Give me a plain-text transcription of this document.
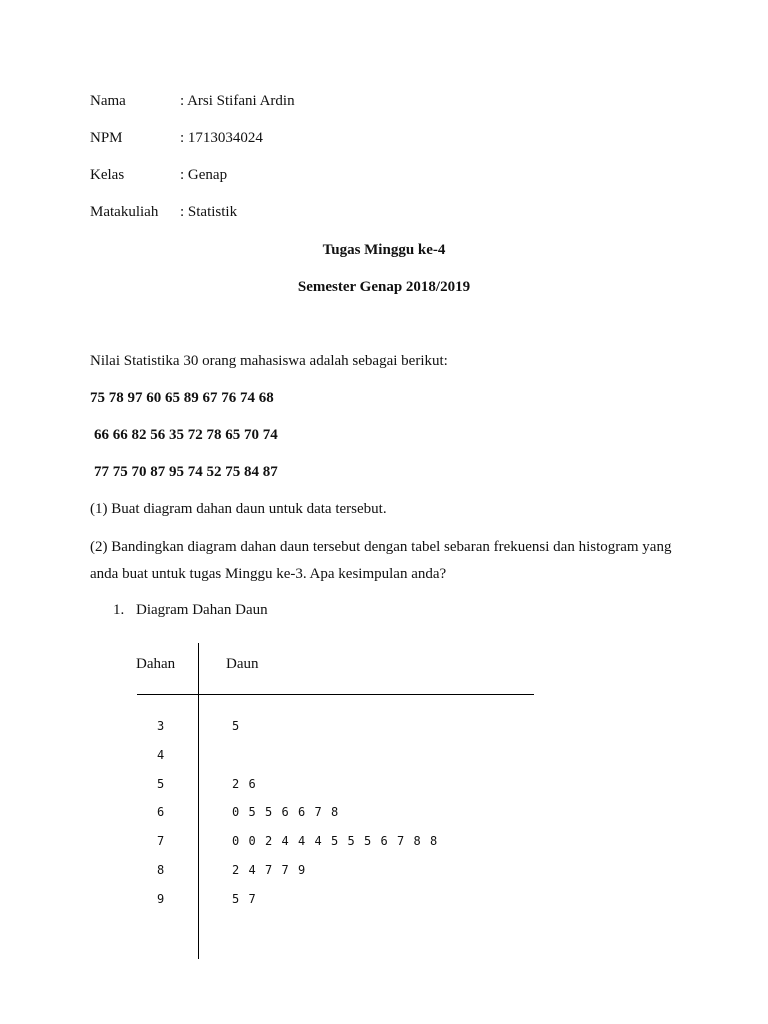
Nama	: Arsi Stifani Ardin
NPM	: 1713034024
Kelas	: Genap
Matakuliah : Statistik
Tugas Minggu ke-4
Semester Genap 2018/2019
Nilai Statistika 30 orang mahasiswa adalah sebagai berikut:
75 78 97 60 65 89 67 76 74 68
66 66 82 56 35 72 78 65 70 74
77 75 70 87 95 74 52 75 84 87
(1) Buat diagram dahan daun untuk data tersebut.
(2) Bandingkan diagram dahan daun tersebut dengan tabel sebaran frekuensi dan histogram yang
anda buat untuk tugas Minggu ke-3. Apa kesimpulan anda?
1. Diagram Dahan Daun
Dahan	Daun
3	5
4
5	2 6
6	0 5 5 6 6 7 8
7	0 0 2 4 4 4 5 5 5 6 7 8 8
8	2 4 7 7 9
9	5 7
